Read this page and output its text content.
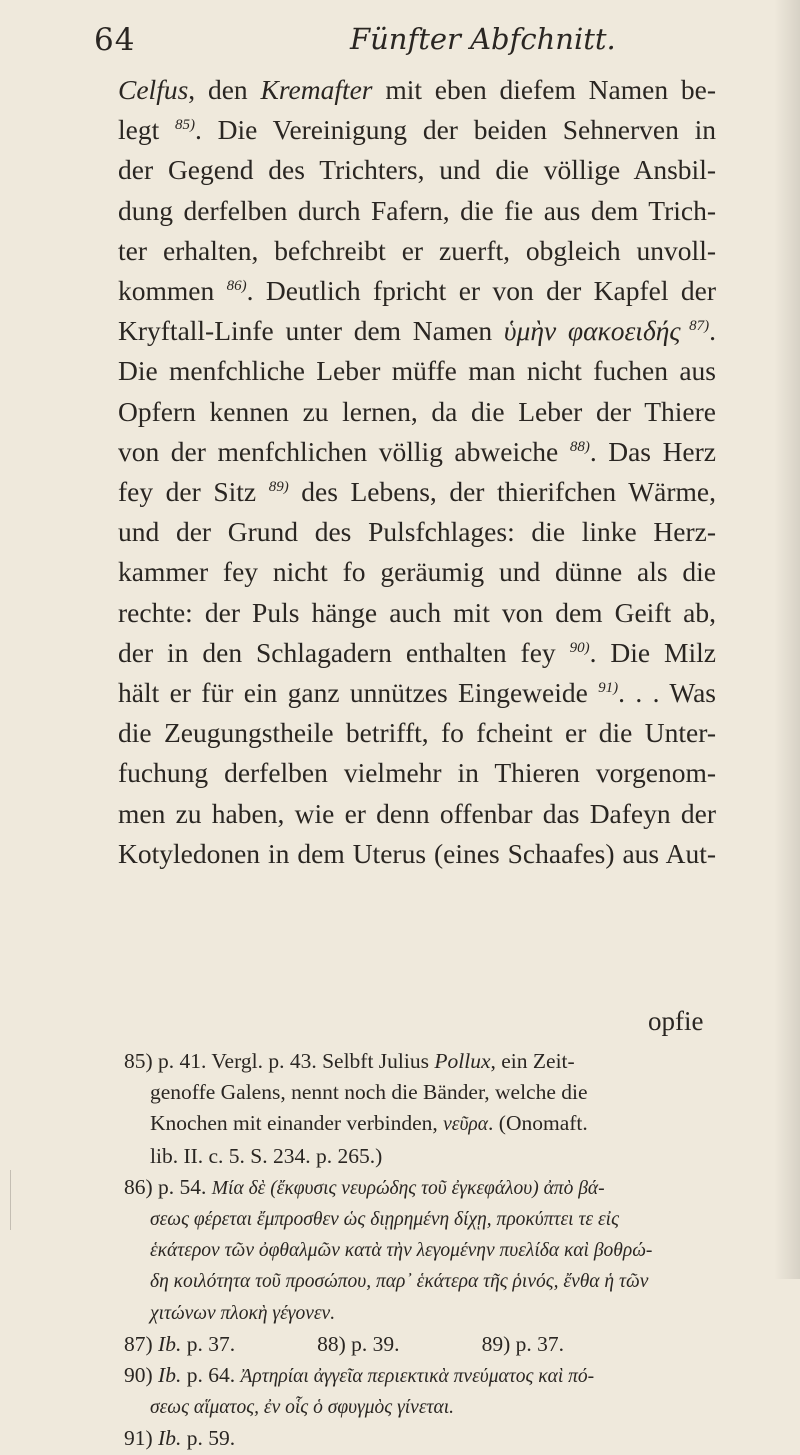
64	Fünfter Abfchnitt.
Celfus, den Kremafter mit eben diefem Namen be-
legt $^{85)}$. Die Vereinigung der beiden Sehnerven in
der Gegend des Trichters, und die völlige Ansbil-
dung derfelben durch Fafern, die fie aus dem Trich-
ter erhalten, befchreibt er zuerft, obgleich unvoll-
kommen $^{86)}$. Deutlich fpricht er von der Kapfel der
Kryftall-Linfe unter dem Namen ὑμὴν φακοειδής $^{87)}$.
Die menfchliche Leber müffe man nicht fuchen aus
Opfern kennen zu lernen, da die Leber der Thiere
von der menfchlichen völlig abweiche $^{88)}$. Das Herz
fey der Sitz $^{89)}$ des Lebens, der thierifchen Wärme,
und der Grund des Pulsfchlages: die linke Herz-
kammer fey nicht fo geräumig und dünne als die
rechte: der Puls hänge auch mit von dem Geift ab,
der in den Schlagadern enthalten fey $^{90)}$. Die Milz
hält er für ein ganz unnützes Eingeweide $^{91)}$. . . Was
die Zeugungstheile betrifft, fo fcheint er die Unter-
fuchung derfelben vielmehr in Thieren vorgenom-
men zu haben, wie er denn offenbar das Dafeyn der
Kotyledonen in dem Uterus (eines Schaafes) aus Aut-
opfie
85) p. 41. Vergl. p. 43. Selbft Julius Pollux, ein Zeit-
genoffe Galens, nennt noch die Bänder, welche die
Knochen mit einander verbinden, νεῦρα. (Onomaft.
lib. II. c. 5. S. 234. p. 265.)
86) p. 54. Μία δὲ (ἔκφυσις νευρώδης τοῦ ἐγκεφάλου) ἀπὸ βά-
σεως φέρεται ἔμπροσθεν ὡς διῃρημένη δίχῃ, προκύπτει τε εἰς
ἑκάτερον τῶν ὀφθαλμῶν κατὰ τὴν λεγομένην πυελίδα καὶ βοθρώ-
δη κοιλότητα τοῦ προσώπου, παρ᾽ ἑκάτερα τῆς ῥινός, ἔνθα ἡ τῶν
χιτώνων πλοκὴ γέγονεν.
87) Ib. p. 37.	88) p. 39.	89) p. 37.
90) Ib. p. 64. Ἀρτηρίαι ἀγγεῖα περιεκτικὰ πνεύματος καὶ πό-
σεως αἵματος, ἐν οἷς ὁ σφυγμὸς γίνεται.
91) Ib. p. 59.
